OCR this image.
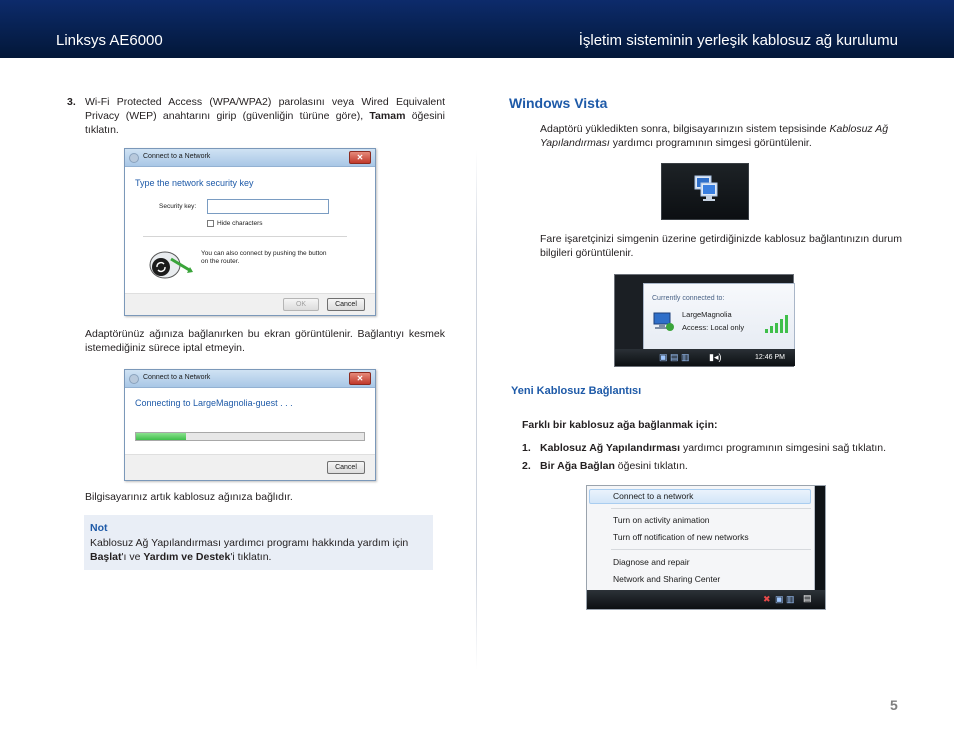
Linksys AE6000	İşletim sisteminin yerleşik kablosuz ağ kurulumu
3. Wi-Fi Protected Access (WPA/WPA2) parolasını veya Wired Equivalent Privacy (WEP) anahtarını girip (güvenliğin türüne göre), Tamam öğesini tıklatın.
Connect to a Network	✕
Type the network security key
Security key:
Hide characters
You can also connect by pushing the button on the router.
OK	Cancel
Adaptörünüz ağınıza bağlanırken bu ekran görüntülenir. Bağlantıyı kesmek istemediğiniz sürece iptal etmeyin.
Connect to a Network	✕
Connecting to LargeMagnolia-guest . . .
Cancel
Bilgisayarınız artık kablosuz ağınıza bağlıdır.
Not
Kablosuz Ağ Yapılandırması yardımcı programı hakkında yardım için Başlat'ı ve Yardım ve Destek'i tıklatın.
Windows Vista
Adaptörü yükledikten sonra, bilgisayarınızın sistem tepsisinde Kablosuz Ağ Yapılandırması yardımcı programının simgesi görüntülenir.
Fare işaretçinizi simgenin üzerine getirdiğinizde kablosuz bağlantınızın durum bilgileri görüntülenir.
Currently connected to:
LargeMagnolia
Access: Local only
▣ ▤ ▥ ▮◂)	12:46 PM
Yeni Kablosuz Bağlantısı
Farklı bir kablosuz ağa bağlanmak için:
1. Kablosuz Ağ Yapılandırması yardımcı programının simgesini sağ tıklatın.
2. Bir Ağa Bağlan öğesini tıklatın.
Connect to a network
Turn on activity animation
Turn off notification of new networks
Diagnose and repair
Network and Sharing Center
✖ ▣ ▥ ▤
5
